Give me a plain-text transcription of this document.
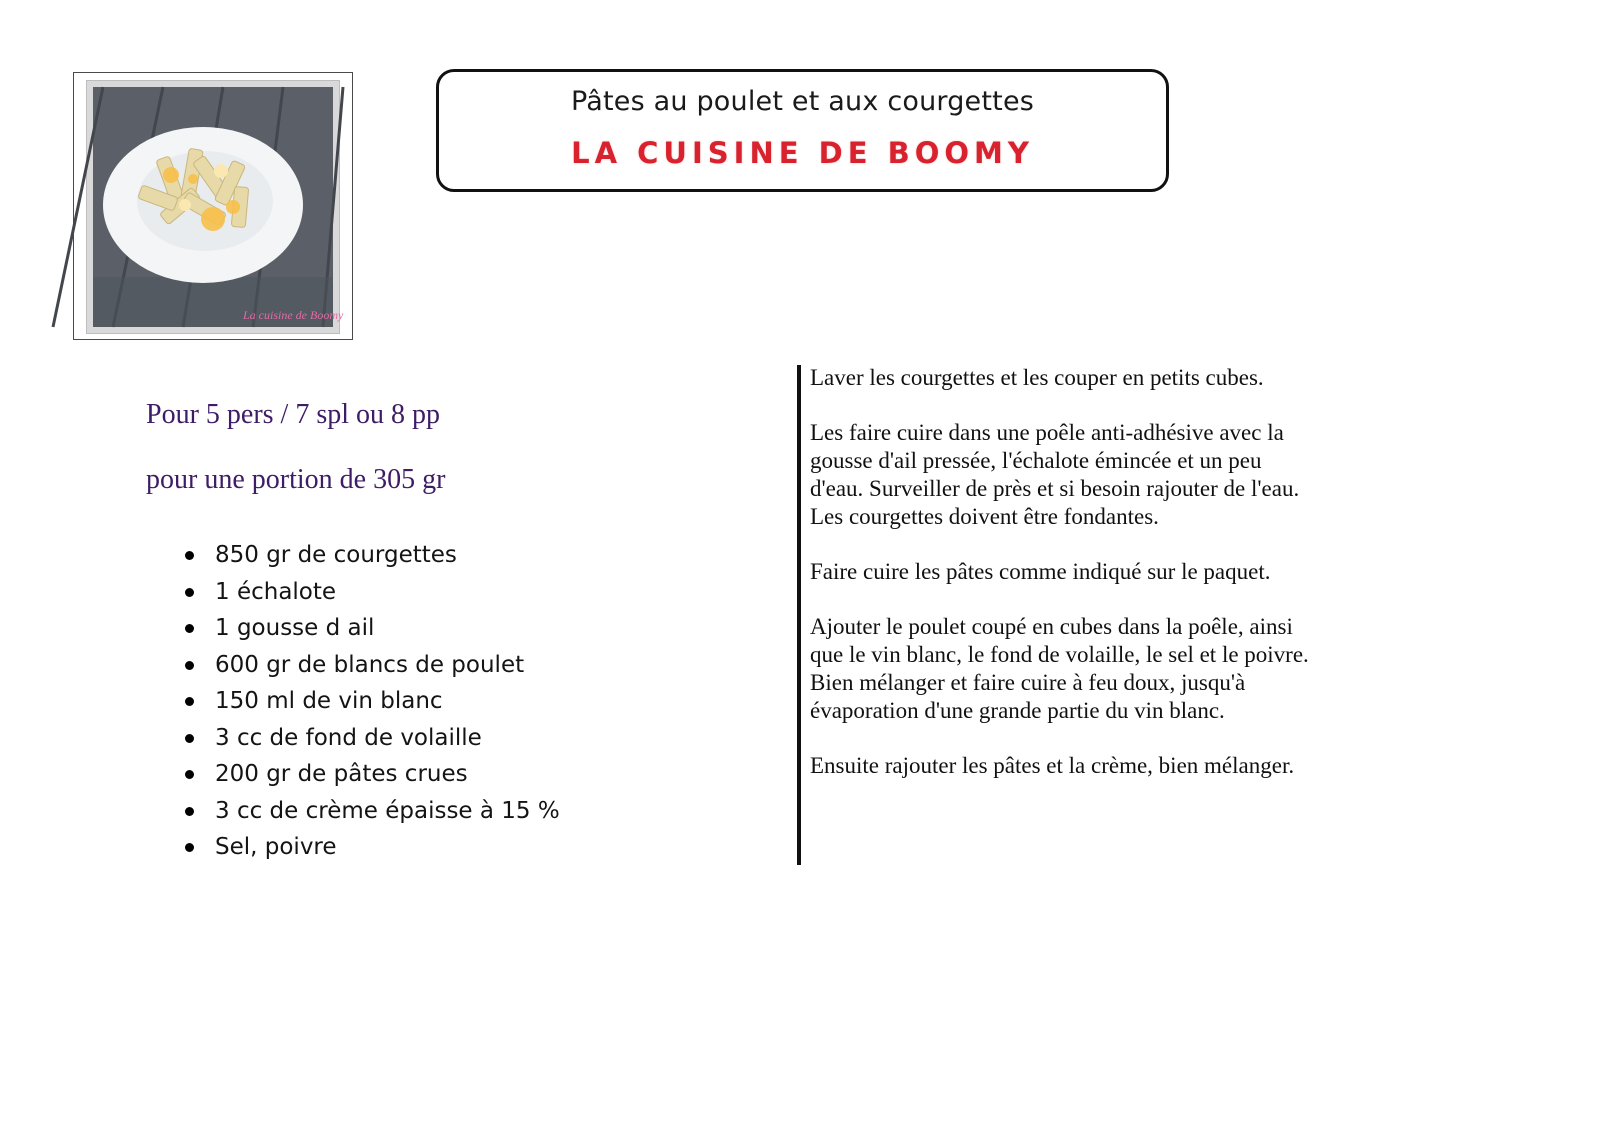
La cuisine de Boomy
Pâtes au poulet et aux courgettes
LA CUISINE DE BOOMY
Pour 5 pers / 7 spl ou 8 pp
pour une portion de 305 gr
850 gr de courgettes
1 échalote
1 gousse d ail
600 gr de blancs de poulet
150 ml de vin blanc
3 cc de fond de volaille
200 gr de pâtes crues
3 cc de crème épaisse à 15 %
Sel, poivre

Laver les courgettes et les couper en petits cubes.

Les faire cuire dans une poêle anti-adhésive avec la
gousse d'ail pressée, l'échalote émincée et un peu
d'eau. Surveiller de près et si besoin rajouter de l'eau.
Les courgettes doivent être fondantes.

Faire cuire les pâtes comme indiqué sur le paquet.

Ajouter le poulet coupé en cubes dans la poêle, ainsi
que le vin blanc, le fond de volaille, le sel et le poivre.
Bien mélanger et faire cuire à feu doux, jusqu'à
évaporation d'une grande partie du vin blanc.

Ensuite rajouter les pâtes et la crème, bien mélanger.
